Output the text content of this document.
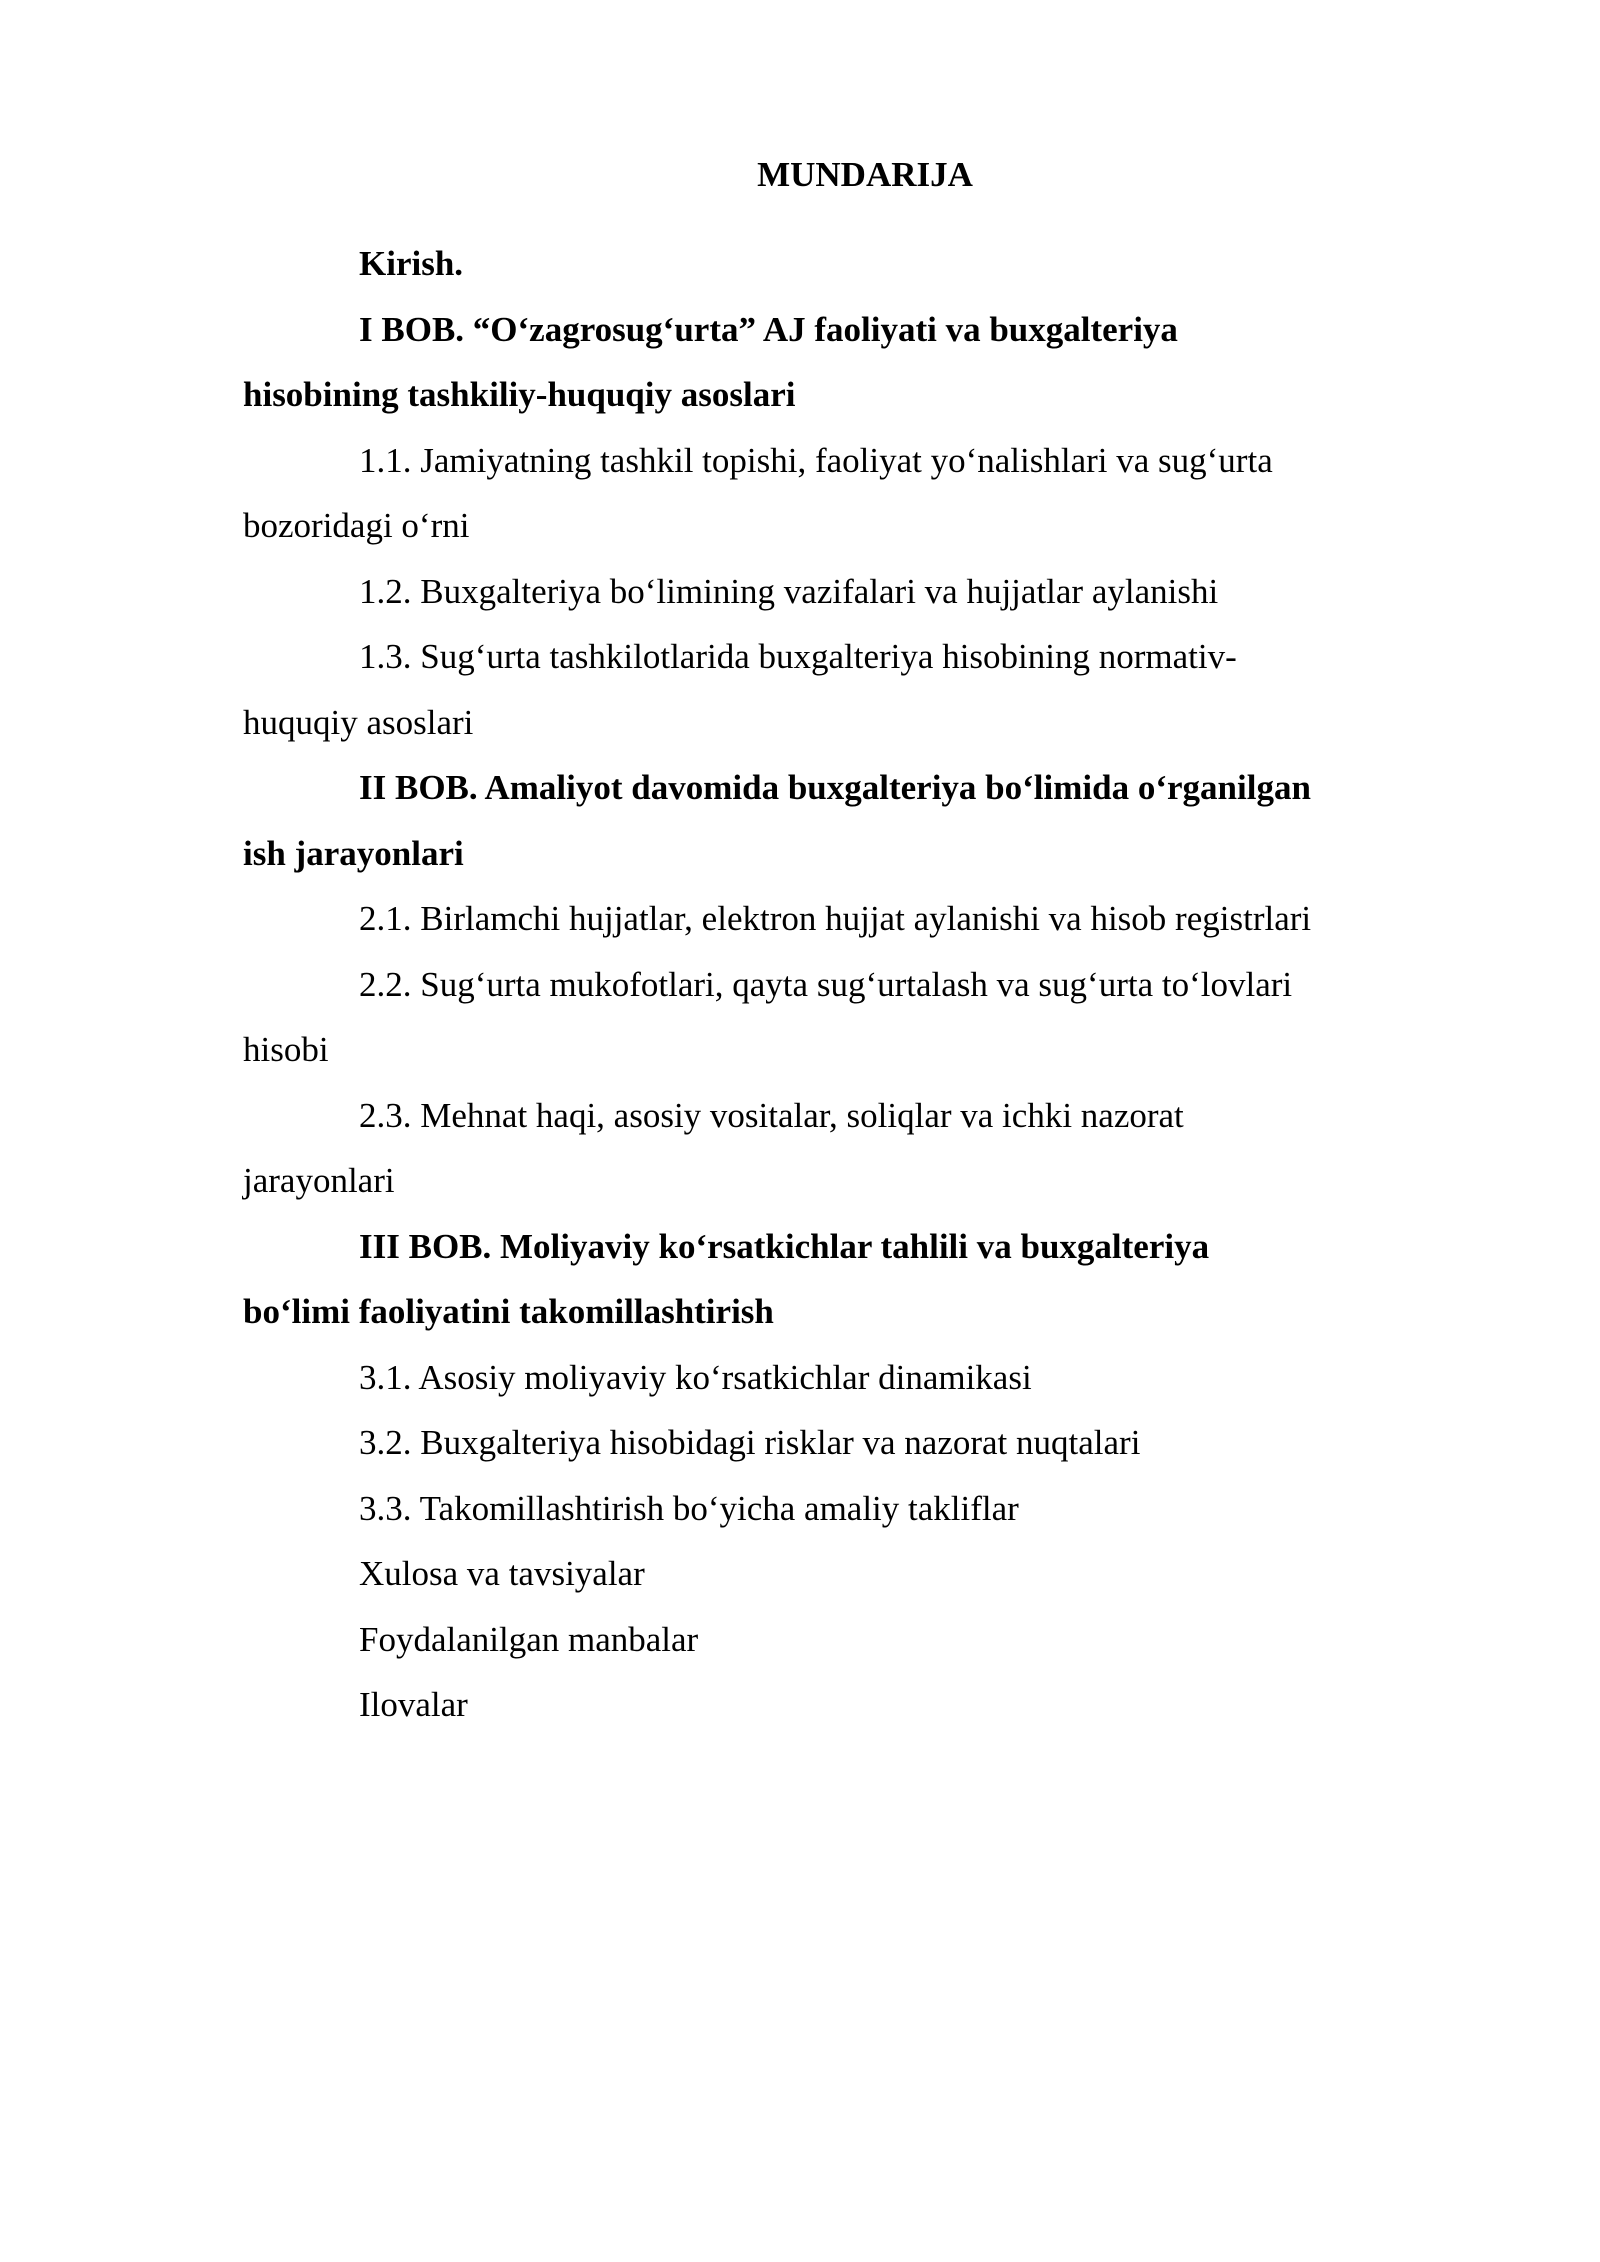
MUNDARIJA
Kirish.
I BOB. “Oʻzagrosugʻurta” AJ faoliyati va buxgalteriya hisobining tashkiliy-huquqiy asoslari
1.1. Jamiyatning tashkil topishi, faoliyat yoʻnalishlari va sugʻurta bozoridagi oʻrni
1.2. Buxgalteriya boʻlimining vazifalari va hujjatlar aylanishi
1.3. Sugʻurta tashkilotlarida buxgalteriya hisobining normativ-huquqiy asoslari
II BOB. Amaliyot davomida buxgalteriya boʻlimida oʻrganilgan ish jarayonlari
2.1. Birlamchi hujjatlar, elektron hujjat aylanishi va hisob registrlari
2.2. Sugʻurta mukofotlari, qayta sugʻurtalash va sugʻurta toʻlovlari hisobi
2.3. Mehnat haqi, asosiy vositalar, soliqlar va ichki nazorat jarayonlari
III BOB. Moliyaviy koʻrsatkichlar tahlili va buxgalteriya boʻlimi faoliyatini takomillashtirish
3.1. Asosiy moliyaviy koʻrsatkichlar dinamikasi
3.2. Buxgalteriya hisobidagi risklar va nazorat nuqtalari
3.3. Takomillashtirish boʻyicha amaliy takliflar
Xulosa va tavsiyalar
Foydalanilgan manbalar
Ilovalar
